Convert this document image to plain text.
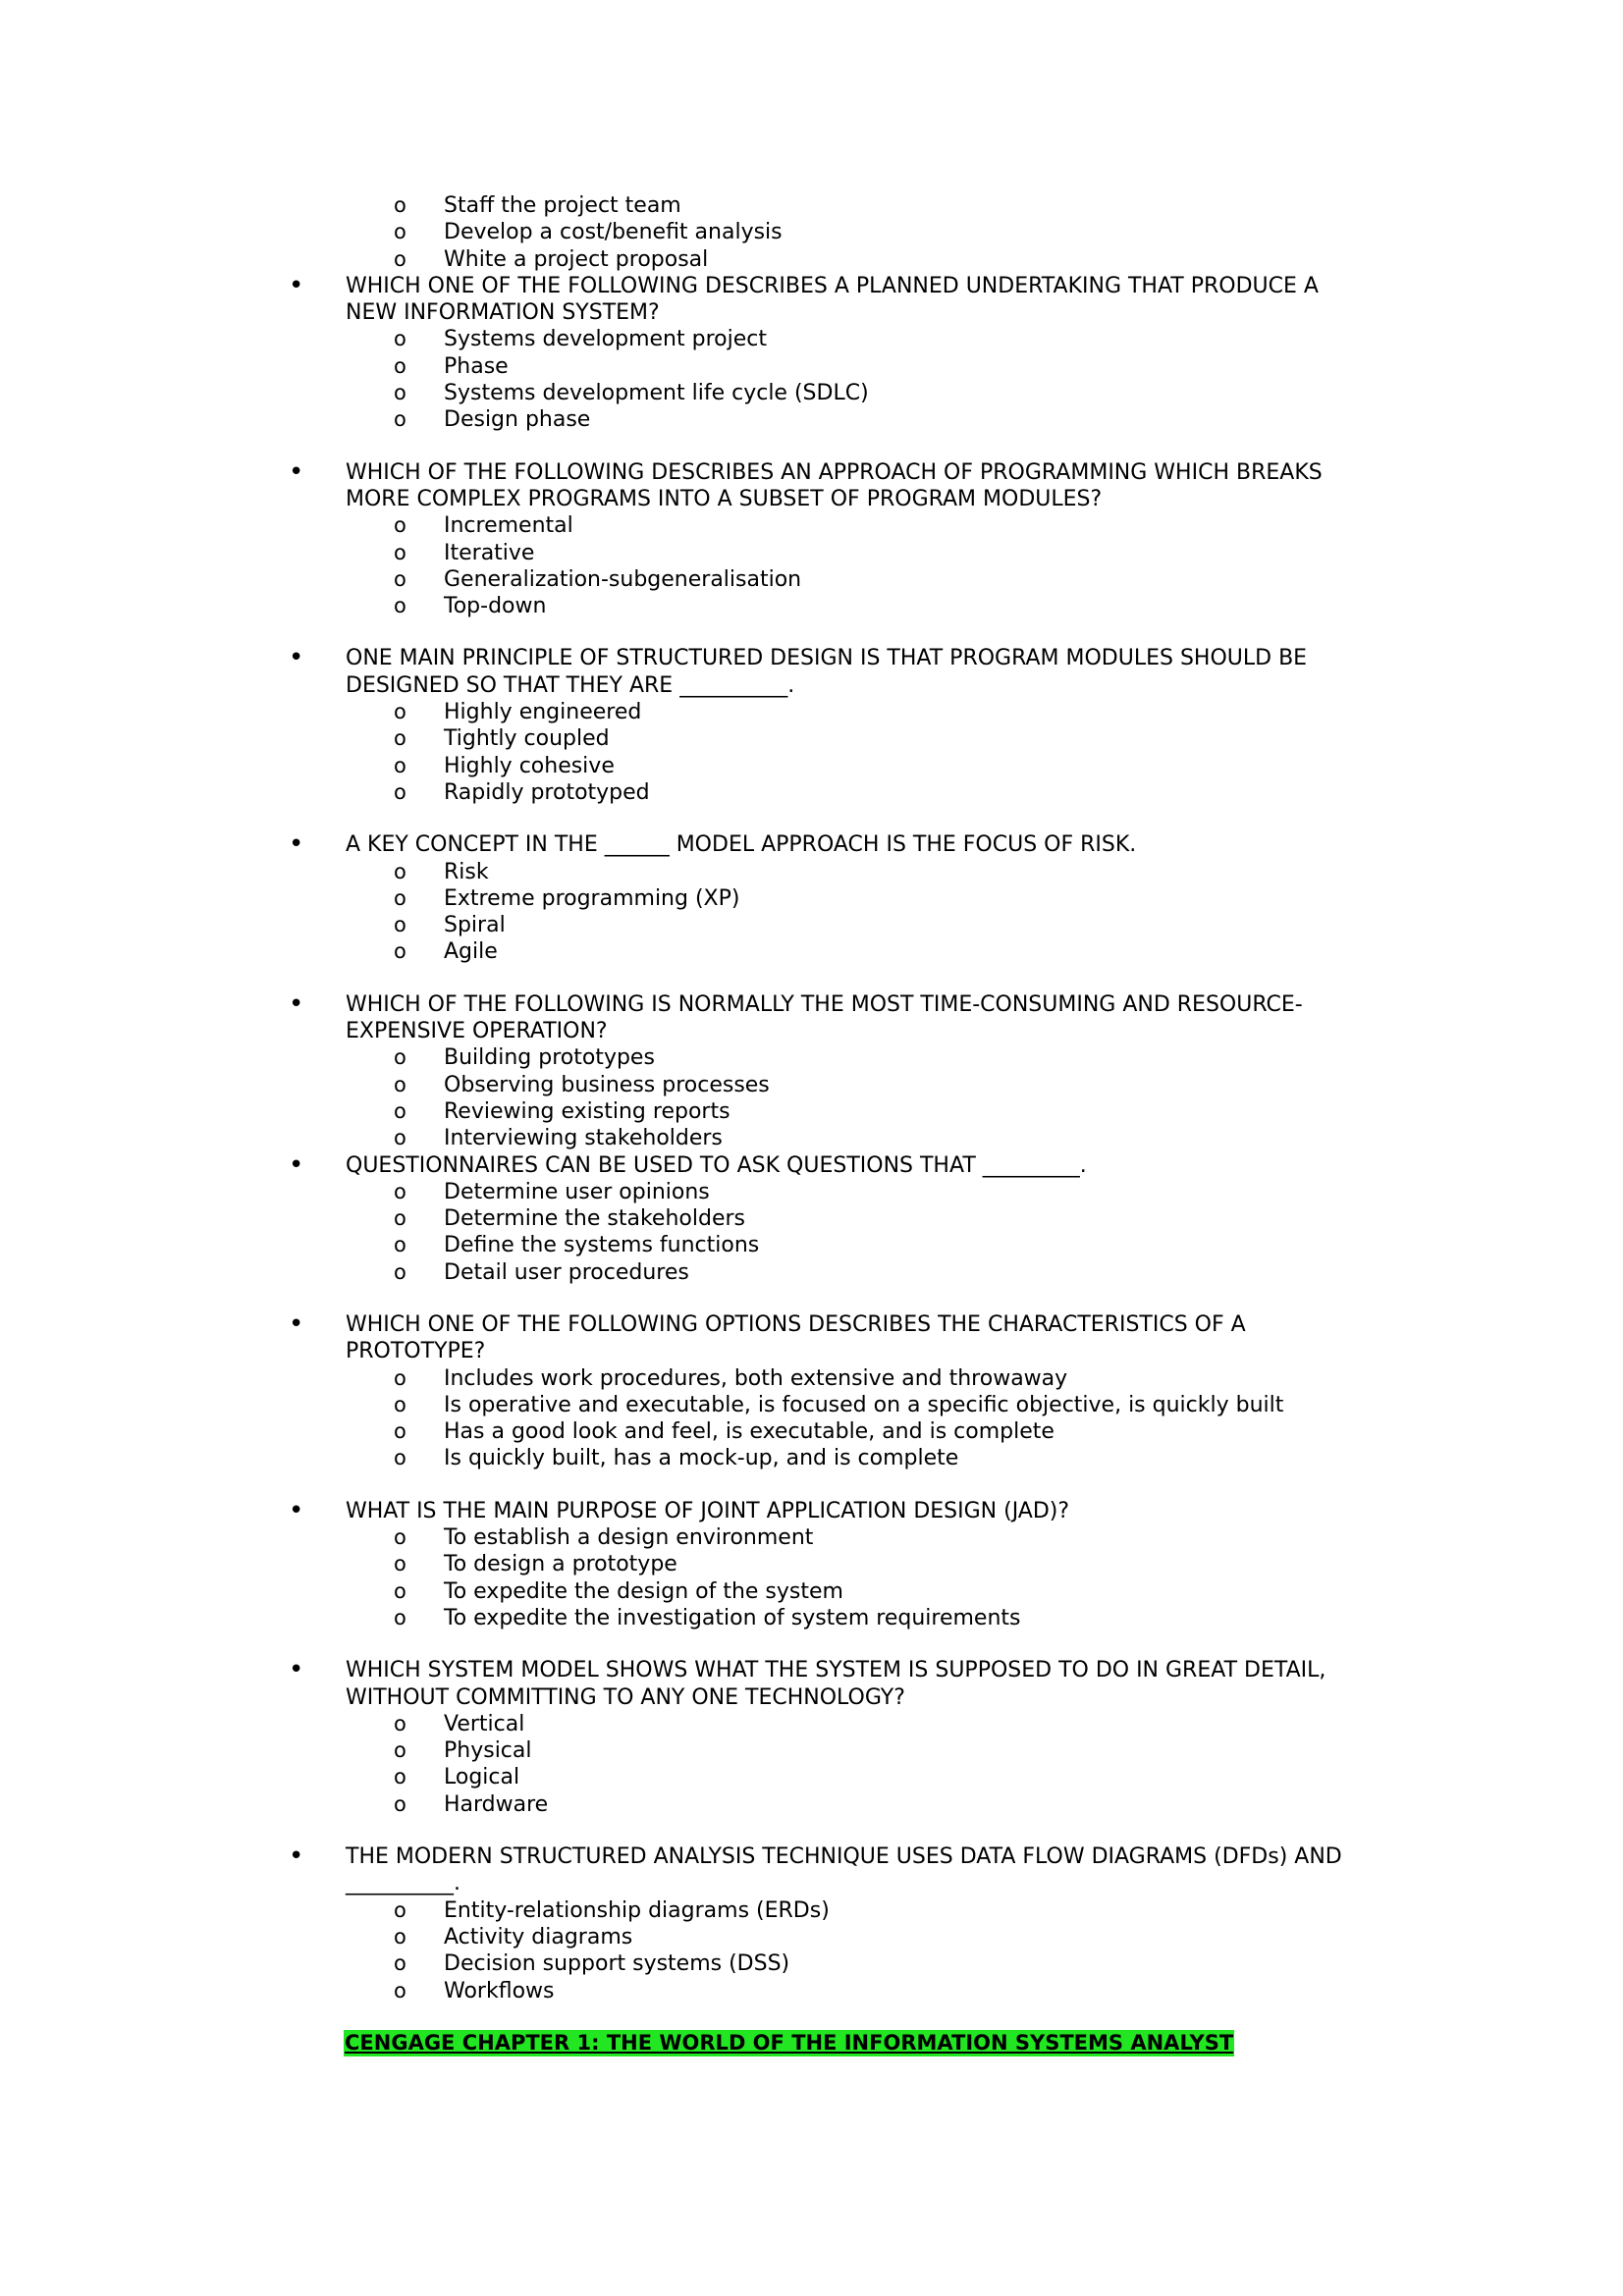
o Staff the project team
o Develop a cost/benefit analysis
o White a project proposal
• WHICH ONE OF THE FOLLOWING DESCRIBES A PLANNED UNDERTAKING THAT PRODUCE A
NEW INFORMATION SYSTEM?
o Systems development project
o Phase
o Systems development life cycle (SDLC)
o Design phase
• WHICH OF THE FOLLOWING DESCRIBES AN APPROACH OF PROGRAMMING WHICH BREAKS
MORE COMPLEX PROGRAMS INTO A SUBSET OF PROGRAM MODULES?
o Incremental
o Iterative
o Generalization-subgeneralisation
o Top-down
• ONE MAIN PRINCIPLE OF STRUCTURED DESIGN IS THAT PROGRAM MODULES SHOULD BE
DESIGNED SO THAT THEY ARE __________.
o Highly engineered
o Tightly coupled
o Highly cohesive
o Rapidly prototyped
• A KEY CONCEPT IN THE ______ MODEL APPROACH IS THE FOCUS OF RISK.
o Risk
o Extreme programming (XP)
o Spiral
o Agile
• WHICH OF THE FOLLOWING IS NORMALLY THE MOST TIME-CONSUMING AND RESOURCE-
EXPENSIVE OPERATION?
o Building prototypes
o Observing business processes
o Reviewing existing reports
o Interviewing stakeholders
• QUESTIONNAIRES CAN BE USED TO ASK QUESTIONS THAT _________.
o Determine user opinions
o Determine the stakeholders
o Define the systems functions
o Detail user procedures
• WHICH ONE OF THE FOLLOWING OPTIONS DESCRIBES THE CHARACTERISTICS OF A
PROTOTYPE?
o Includes work procedures, both extensive and throwaway
o Is operative and executable, is focused on a specific objective, is quickly built
o Has a good look and feel, is executable, and is complete
o Is quickly built, has a mock-up, and is complete
• WHAT IS THE MAIN PURPOSE OF JOINT APPLICATION DESIGN (JAD)?
o To establish a design environment
o To design a prototype
o To expedite the design of the system
o To expedite the investigation of system requirements
• WHICH SYSTEM MODEL SHOWS WHAT THE SYSTEM IS SUPPOSED TO DO IN GREAT DETAIL,
WITHOUT COMMITTING TO ANY ONE TECHNOLOGY?
o Vertical
o Physical
o Logical
o Hardware
• THE MODERN STRUCTURED ANALYSIS TECHNIQUE USES DATA FLOW DIAGRAMS (DFDs) AND
__________.
o Entity-relationship diagrams (ERDs)
o Activity diagrams
o Decision support systems (DSS)
o Workflows
CENGAGE CHAPTER 1: THE WORLD OF THE INFORMATION SYSTEMS ANALYST
